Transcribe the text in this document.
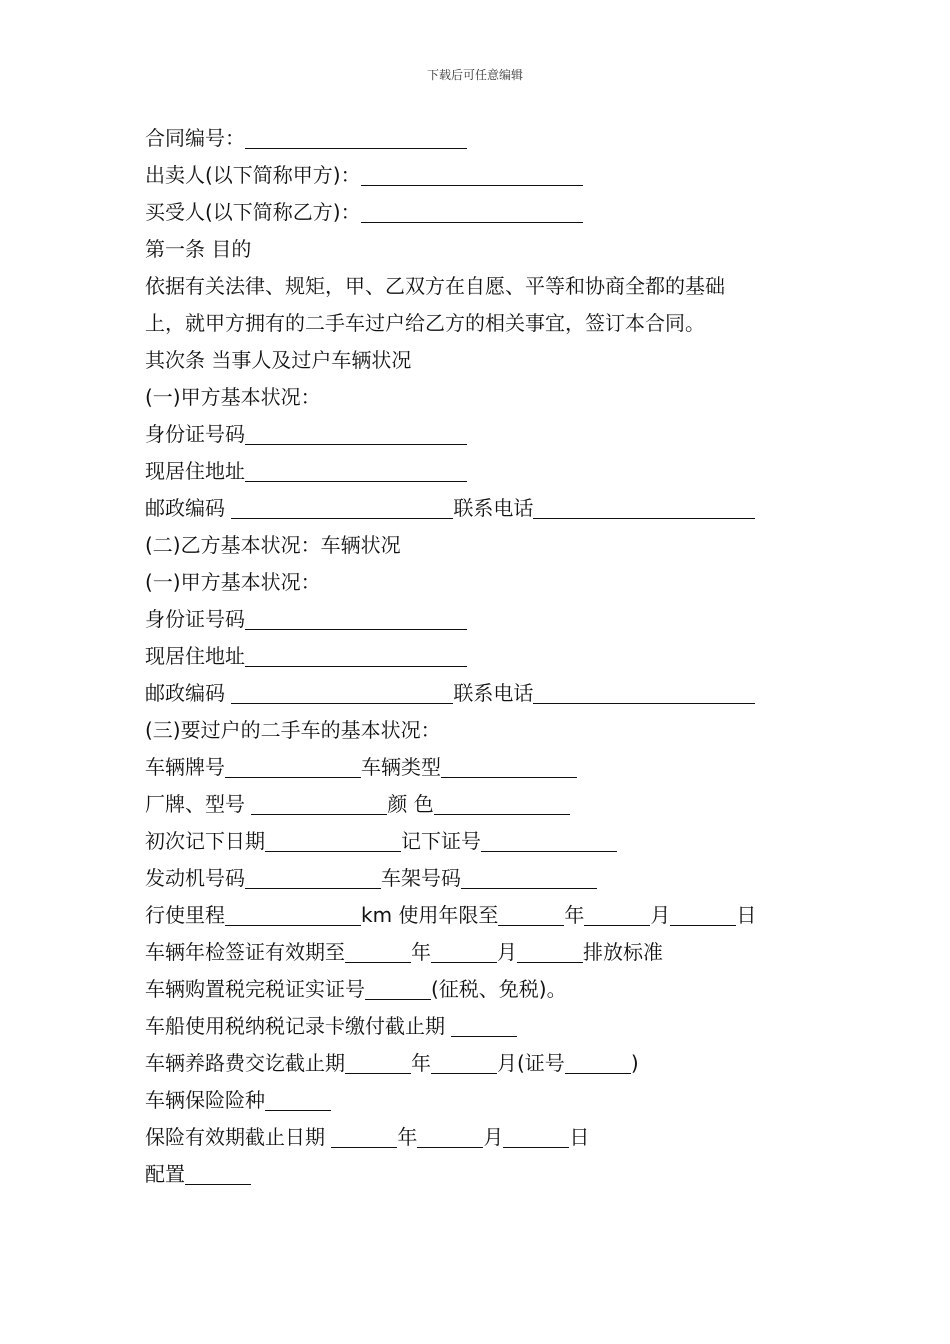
下载后可任意编辑
合同编号：
出卖人(以下简称甲方)：
买受人(以下简称乙方)：
第一条 目的
依据有关法律、规矩，甲、乙双方在自愿、平等和协商全都的基础
上，就甲方拥有的二手车过户给乙方的相关事宜，签订本合同。
其次条 当事人及过户车辆状况
(一)甲方基本状况：
身份证号码
现居住地址
邮政编码	联系电话
(二)乙方基本状况：车辆状况
(一)甲方基本状况：
身份证号码
现居住地址
邮政编码	联系电话
(三)要过户的二手车的基本状况：
车辆牌号	车辆类型
厂牌、型号	颜 色
初次记下日期	记下证号
发动机号码	车架号码
行使里程	km 使用年限至	年	月	日
车辆年检签证有效期至	年	月	排放标准
车辆购置税完税证实证号	(征税、免税)。
车船使用税纳税记录卡缴付截止期
车辆养路费交讫截止期	年	月(证号	)
车辆保险险种
保险有效期截止日期	年	月	日
配置
